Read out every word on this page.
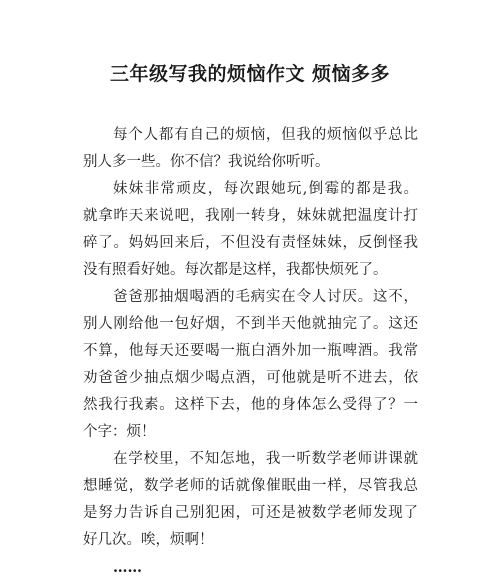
三年级写我的烦恼作文 烦恼多多
每个人都有自己的烦恼，但我的烦恼似乎总比
别人多一些。你不信？我说给你听听。
妹妹非常顽皮，每次跟她玩,倒霉的都是我。
就拿昨天来说吧，我刚一转身，妹妹就把温度计打
碎了。妈妈回来后，不但没有责怪妹妹，反倒怪我
没有照看好她。每次都是这样，我都快烦死了。
爸爸那抽烟喝酒的毛病实在令人讨厌。这不，
别人刚给他一包好烟，不到半天他就抽完了。这还
不算，他每天还要喝一瓶白酒外加一瓶啤酒。我常
劝爸爸少抽点烟少喝点酒，可他就是听不进去，依
然我行我素。这样下去，他的身体怎么受得了？一
个字：烦！
在学校里，不知怎地，我一听数学老师讲课就
想睡觉，数学老师的话就像催眠曲一样，尽管我总
是努力告诉自己别犯困，可还是被数学老师发现了
好几次。唉，烦啊！
……
